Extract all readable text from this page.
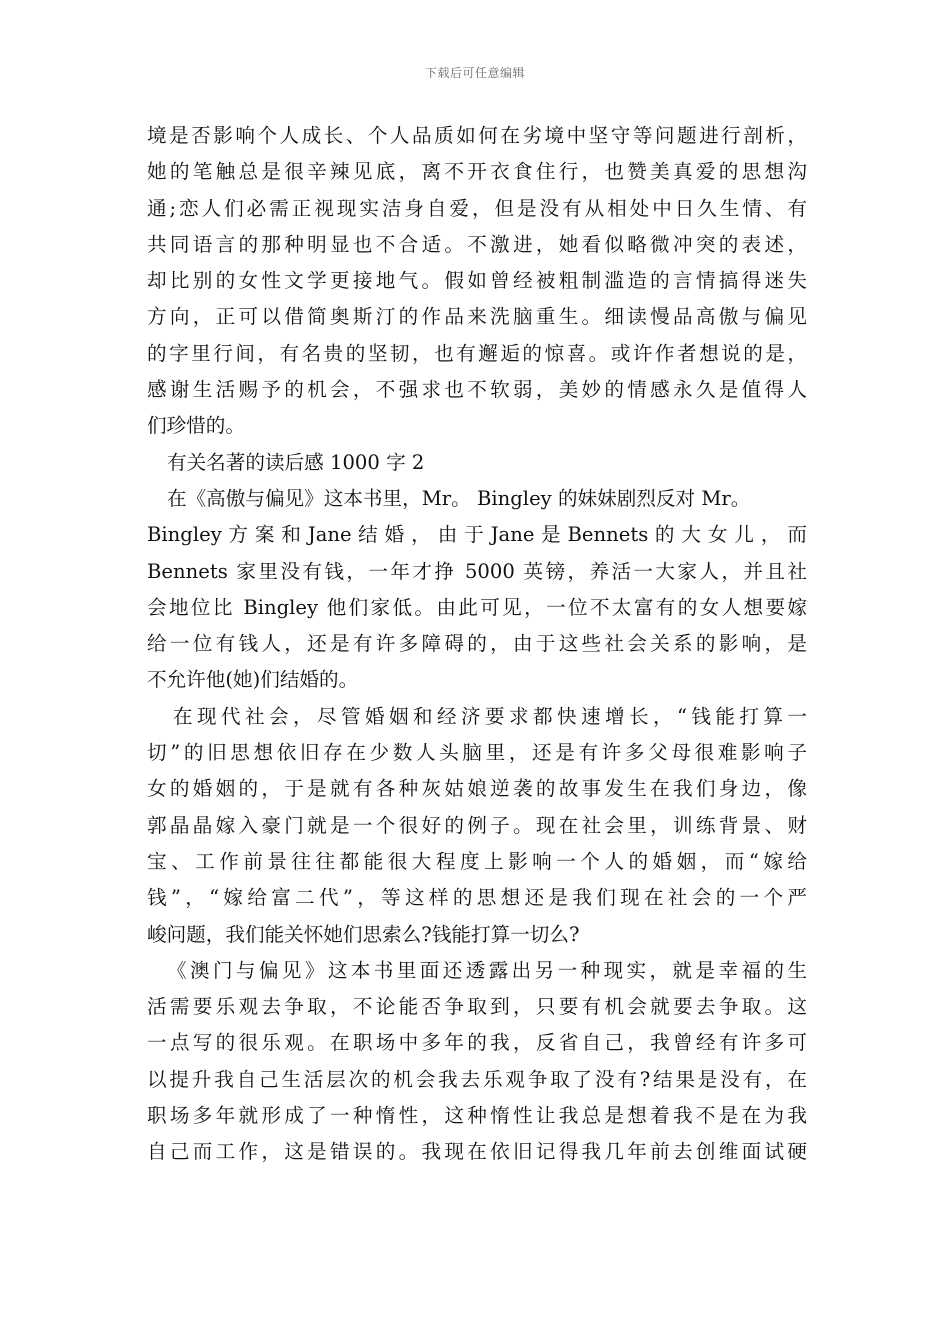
下载后可任意编辑
境是否影响个人成长、个人品质如何在劣境中坚守等问题进行剖析，
她的笔触总是很辛辣见底，离不开衣食住行，也赞美真爱的思想沟
通;恋人们必需正视现实洁身自爱，但是没有从相处中日久生情、有
共同语言的那种明显也不合适。不激进，她看似略微冲突的表述，
却比别的女性文学更接地气。假如曾经被粗制滥造的言情搞得迷失
方向，正可以借简奥斯汀的作品来洗脑重生。细读慢品高傲与偏见
的字里行间，有名贵的坚韧，也有邂逅的惊喜。或许作者想说的是，
感谢生活赐予的机会，不强求也不软弱，美妙的情感永久是值得人
们珍惜的。
有关名著的读后感 1000 字 2
在《高傲与偏见》这本书里，Mr。 Bingley 的妹妹剧烈反对 Mr。
Bingley 方 案 和 Jane 结 婚 ， 由 于 Jane 是 Bennets 的 大 女 儿 ， 而
Bennets 家里没有钱，一年才挣 5000 英镑，养活一大家人，并且社
会地位比 Bingley 他们家低。由此可见，一位不太富有的女人想要嫁
给一位有钱人，还是有许多障碍的，由于这些社会关系的影响，是
不允许他(她)们结婚的。
在现代社会，尽管婚姻和经济要求都快速增长，“钱能打算一
切”的旧思想依旧存在少数人头脑里，还是有许多父母很难影响子
女的婚姻的，于是就有各种灰姑娘逆袭的故事发生在我们身边，像
郭晶晶嫁入豪门就是一个很好的例子。现在社会里，训练背景、财
宝、工作前景往往都能很大程度上影响一个人的婚姻，而“嫁给
钱”，“嫁给富二代”，等这样的思想还是我们现在社会的一个严
峻问题，我们能关怀她们思索么?钱能打算一切么?
《澳门与偏见》这本书里面还透露出另一种现实，就是幸福的生
活需要乐观去争取，不论能否争取到，只要有机会就要去争取。这
一点写的很乐观。在职场中多年的我，反省自己，我曾经有许多可
以提升我自己生活层次的机会我去乐观争取了没有?结果是没有，在
职场多年就形成了一种惰性，这种惰性让我总是想着我不是在为我
自己而工作，这是错误的。我现在依旧记得我几年前去创维面试硬
